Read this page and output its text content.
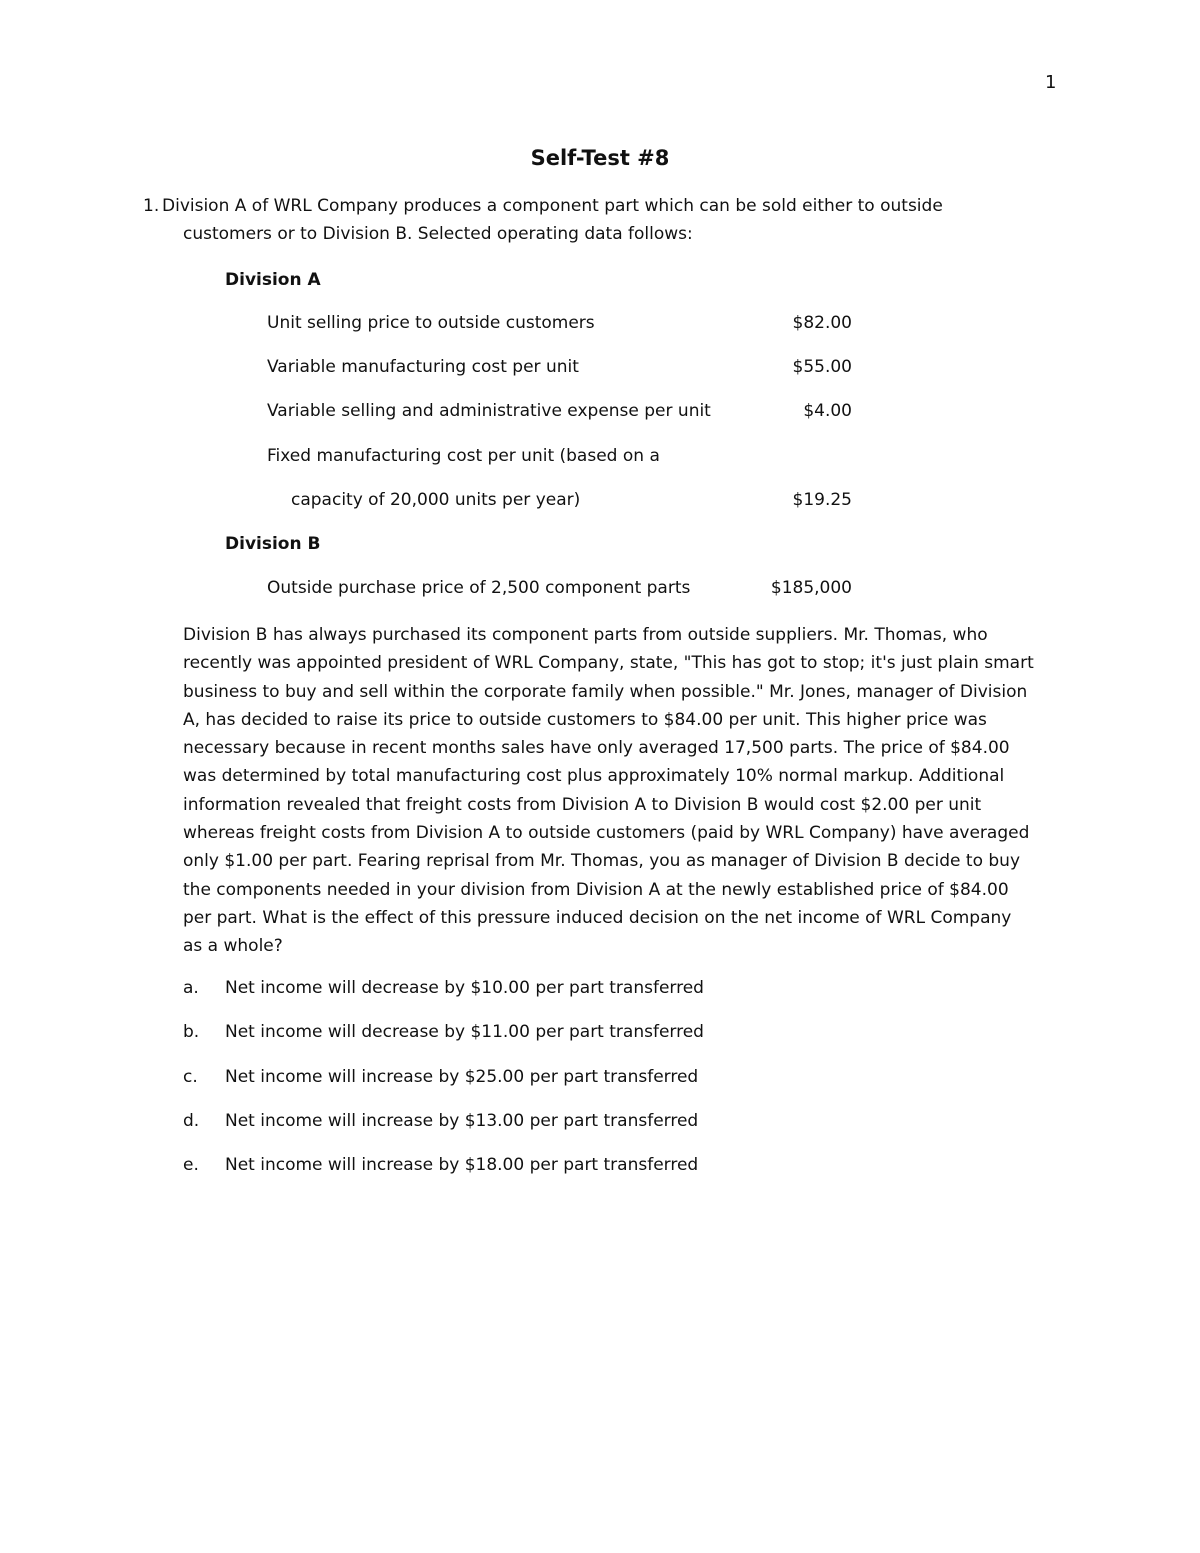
1
Self-Test #8
1. Division A of WRL Company produces a component part which can be sold either to outside
customers or to Division B. Selected operating data follows:
Division A
Unit selling price to outside customers	$82.00
Variable manufacturing cost per unit	$55.00
Variable selling and administrative expense per unit	$4.00
Fixed manufacturing cost per unit (based on a
capacity of 20,000 units per year)	$19.25
Division B
Outside purchase price of 2,500 component parts	$185,000
Division B has always purchased its component parts from outside suppliers. Mr. Thomas, who
recently was appointed president of WRL Company, state, "This has got to stop; it's just plain smart
business to buy and sell within the corporate family when possible." Mr. Jones, manager of Division
A, has decided to raise its price to outside customers to $84.00 per unit. This higher price was
necessary because in recent months sales have only averaged 17,500 parts. The price of $84.00
was determined by total manufacturing cost plus approximately 10% normal markup. Additional
information revealed that freight costs from Division A to Division B would cost $2.00 per unit
whereas freight costs from Division A to outside customers (paid by WRL Company) have averaged
only $1.00 per part. Fearing reprisal from Mr. Thomas, you as manager of Division B decide to buy
the components needed in your division from Division A at the newly established price of $84.00
per part. What is the effect of this pressure induced decision on the net income of WRL Company
as a whole?
a. Net income will decrease by $10.00 per part transferred
b. Net income will decrease by $11.00 per part transferred
c. Net income will increase by $25.00 per part transferred
d. Net income will increase by $13.00 per part transferred
e. Net income will increase by $18.00 per part transferred
